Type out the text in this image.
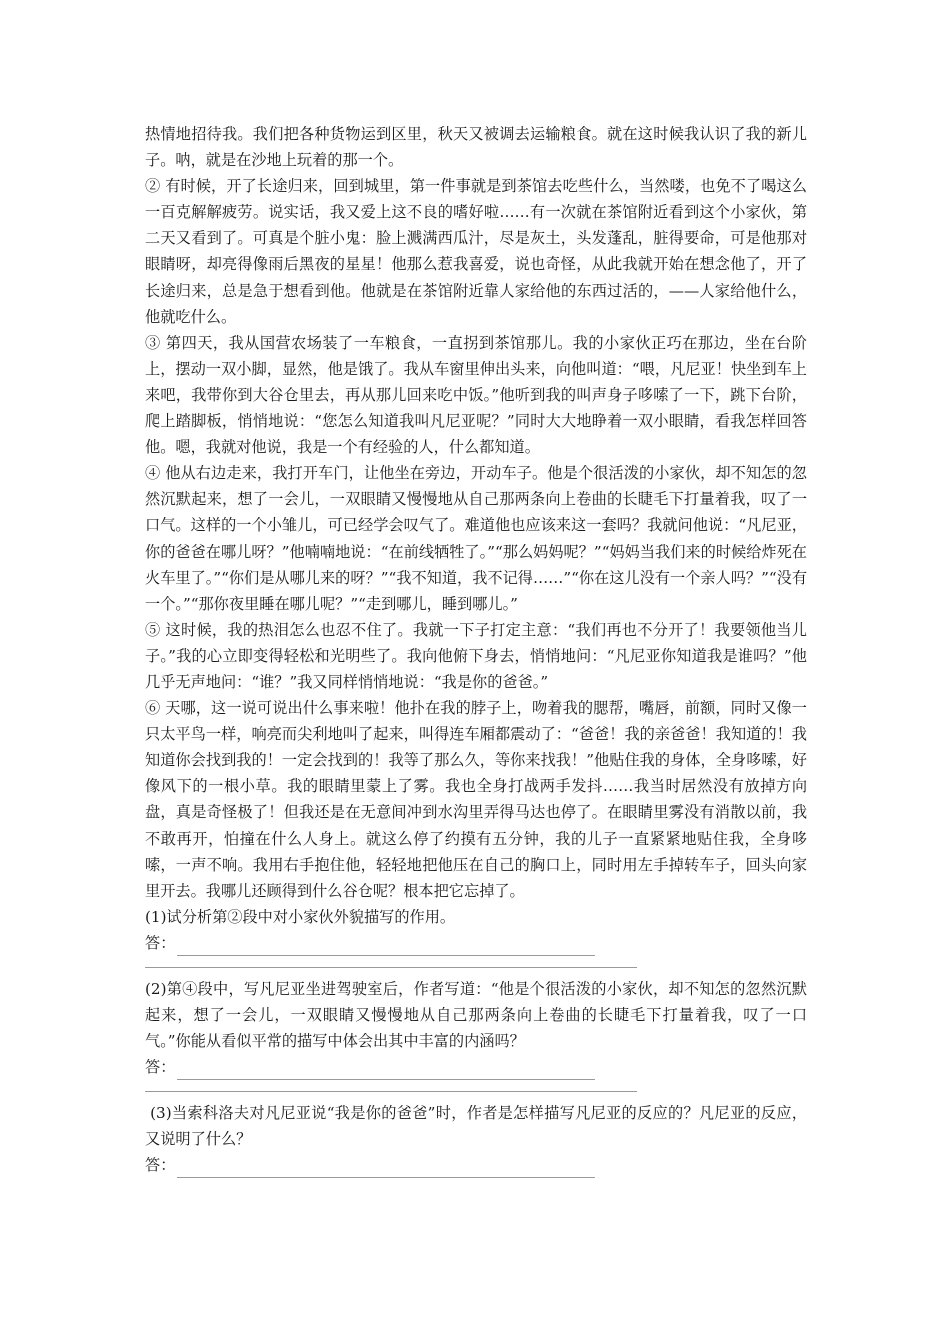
热情地招待我。我们把各种货物运到区里，秋天又被调去运输粮食。就在这时候我认识了我的新儿子。呐，就是在沙地上玩着的那一个。

② 有时候，开了长途归来，回到城里，第一件事就是到茶馆去吃些什么，当然喽，也免不了喝这么一百克解解疲劳。说实话，我又爱上这不良的嗜好啦……有一次就在茶馆附近看到这个小家伙，第二天又看到了。可真是个脏小鬼：脸上溅满西瓜汁，尽是灰土，头发蓬乱，脏得要命，可是他那对眼睛呀，却亮得像雨后黑夜的星星！他那么惹我喜爱，说也奇怪，从此我就开始在想念他了，开了长途归来，总是急于想看到他。他就是在茶馆附近靠人家给他的东西过活的，——人家给他什么，他就吃什么。

③ 第四天，我从国营农场装了一车粮食，一直拐到茶馆那儿。我的小家伙正巧在那边，坐在台阶上，摆动一双小脚，显然，他是饿了。我从车窗里伸出头来，向他叫道：“喂，凡尼亚！快坐到车上来吧，我带你到大谷仓里去，再从那儿回来吃中饭。”他听到我的叫声身子哆嗦了一下，跳下台阶，爬上踏脚板，悄悄地说：“您怎么知道我叫凡尼亚呢？”同时大大地睁着一双小眼睛，看我怎样回答他。嗯，我就对他说，我是一个有经验的人，什么都知道。

④ 他从右边走来，我打开车门，让他坐在旁边，开动车子。他是个很活泼的小家伙，却不知怎的忽然沉默起来，想了一会儿，一双眼睛又慢慢地从自己那两条向上卷曲的长睫毛下打量着我，叹了一口气。这样的一个小雏儿，可已经学会叹气了。难道他也应该来这一套吗？我就问他说：“凡尼亚，你的爸爸在哪儿呀？”他喃喃地说：“在前线牺牲了。”“那么妈妈呢？”“妈妈当我们来的时候给炸死在火车里了。”“你们是从哪儿来的呀？”“我不知道，我不记得……”“你在这儿没有一个亲人吗？”“没有一个。”“那你夜里睡在哪儿呢？”“走到哪儿，睡到哪儿。”

⑤ 这时候，我的热泪怎么也忍不住了。我就一下子打定主意：“我们再也不分开了！我要领他当儿子。”我的心立即变得轻松和光明些了。我向他俯下身去，悄悄地问：“凡尼亚你知道我是谁吗？”他几乎无声地问：“谁？”我又同样悄悄地说：“我是你的爸爸。”

⑥ 天哪，这一说可说出什么事来啦！他扑在我的脖子上，吻着我的腮帮，嘴唇，前额，同时又像一只太平鸟一样，响亮而尖利地叫了起来，叫得连车厢都震动了：“爸爸！我的亲爸爸！我知道的！我知道你会找到我的！一定会找到的！我等了那么久，等你来找我！”他贴住我的身体，全身哆嗦，好像风下的一根小草。我的眼睛里蒙上了雾。我也全身打战两手发抖……我当时居然没有放掉方向盘，真是奇怪极了！但我还是在无意间冲到水沟里弄得马达也停了。在眼睛里雾没有消散以前，我不敢再开，怕撞在什么人身上。就这么停了约摸有五分钟，我的儿子一直紧紧地贴住我，全身哆嗦，一声不响。我用右手抱住他，轻轻地把他压在自己的胸口上，同时用左手掉转车子，回头向家里开去。我哪儿还顾得到什么谷仓呢？根本把它忘掉了。

(1)试分析第②段中对小家伙外貌描写的作用。

答：

(2)第④段中，写凡尼亚坐进驾驶室后，作者写道：“他是个很活泼的小家伙，却不知怎的忽然沉默起来，想了一会儿，一双眼睛又慢慢地从自己那两条向上卷曲的长睫毛下打量着我，叹了一口气。”你能从看似平常的描写中体会出其中丰富的内涵吗？

答：

(3)当索科洛夫对凡尼亚说“我是你的爸爸”时，作者是怎样描写凡尼亚的反应的？凡尼亚的反应，又说明了什么？

答：
